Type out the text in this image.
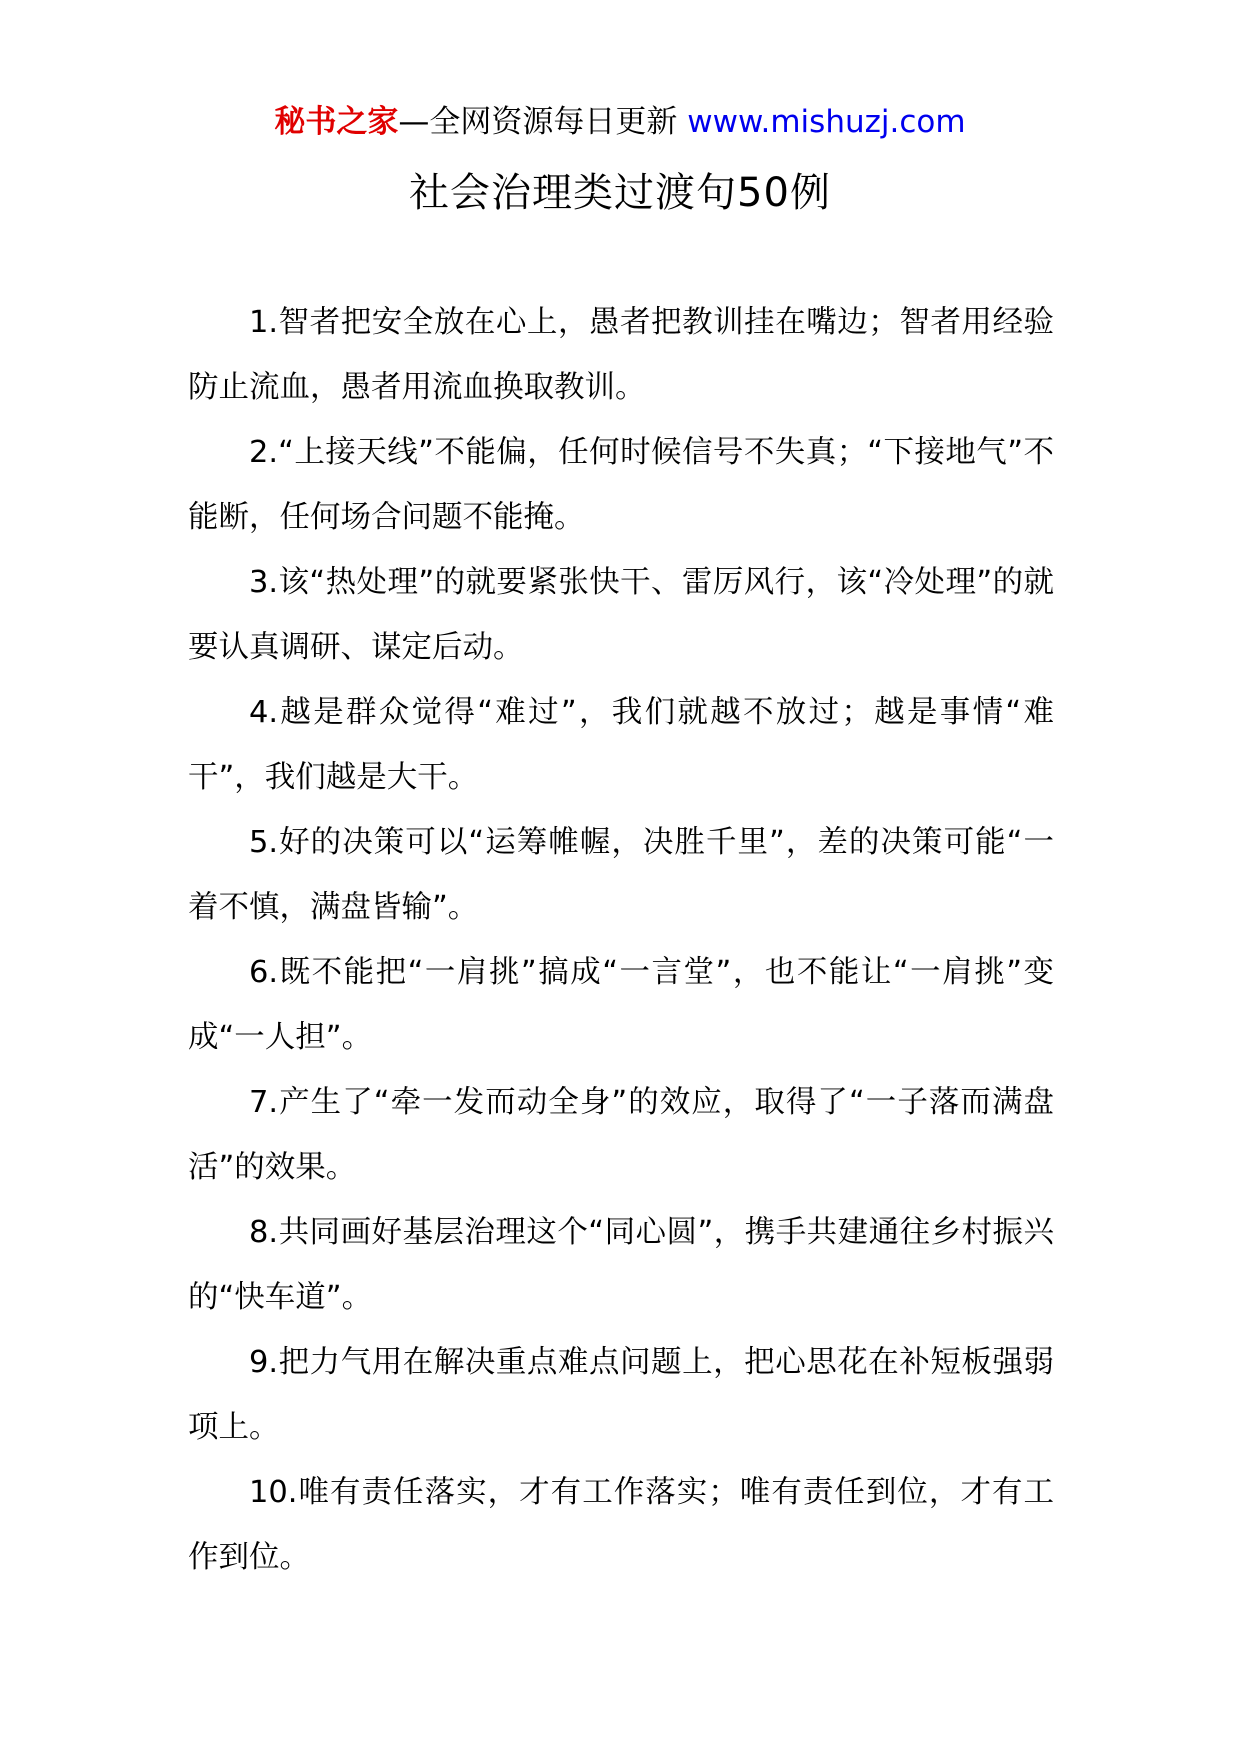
秘书之家—全网资源每日更新 www.mishuzj.com
社会治理类过渡句50例

1.智者把安全放在心上，愚者把教训挂在嘴边；智者用经验防止流血，愚者用流血换取教训。

2.“上接天线”不能偏，任何时候信号不失真；“下接地气”不能断，任何场合问题不能掩。

3.该“热处理”的就要紧张快干、雷厉风行，该“冷处理”的就要认真调研、谋定后动。

4.越是群众觉得“难过”，我们就越不放过；越是事情“难干”，我们越是大干。

5.好的决策可以“运筹帷幄，决胜千里”，差的决策可能“一着不慎，满盘皆输”。

6.既不能把“一肩挑”搞成“一言堂”，也不能让“一肩挑”变成“一人担”。

7.产生了“牵一发而动全身”的效应，取得了“一子落而满盘活”的效果。

8.共同画好基层治理这个“同心圆”，携手共建通往乡村振兴的“快车道”。

9.把力气用在解决重点难点问题上，把心思花在补短板强弱项上。

10.唯有责任落实，才有工作落实；唯有责任到位，才有工作到位。
